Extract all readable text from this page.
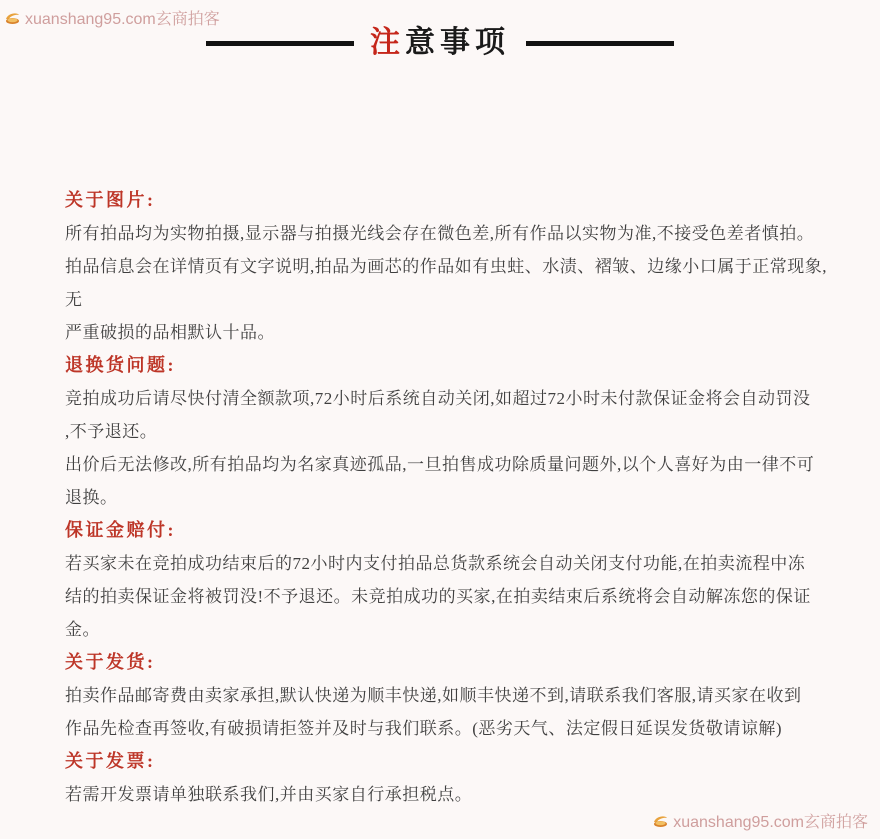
xuanshang95.com玄商拍客
注意事项
关于图片:
所有拍品均为实物拍摄,显示器与拍摄光线会存在微色差,所有作品以实物为准,不接受色差者慎拍。
拍品信息会在详情页有文字说明,拍品为画芯的作品如有虫蛀、水渍、褶皱、边缘小口属于正常现象,无
严重破损的品相默认十品。
退换货问题:
竞拍成功后请尽快付清全额款项,72小时后系统自动关闭,如超过72小时未付款保证金将会自动罚没
,不予退还。
出价后无法修改,所有拍品均为名家真迹孤品,一旦拍售成功除质量问题外,以个人喜好为由一律不可
退换。
保证金赔付:
若买家未在竞拍成功结束后的72小时内支付拍品总货款系统会自动关闭支付功能,在拍卖流程中冻
结的拍卖保证金将被罚没!不予退还。未竞拍成功的买家,在拍卖结束后系统将会自动解冻您的保证
金。
关于发货:
拍卖作品邮寄费由卖家承担,默认快递为顺丰快递,如顺丰快递不到,请联系我们客服,请买家在收到
作品先检查再签收,有破损请拒签并及时与我们联系。(恶劣天气、法定假日延误发货敬请谅解)
关于发票:
若需开发票请单独联系我们,并由买家自行承担税点。
xuanshang95.com玄商拍客
